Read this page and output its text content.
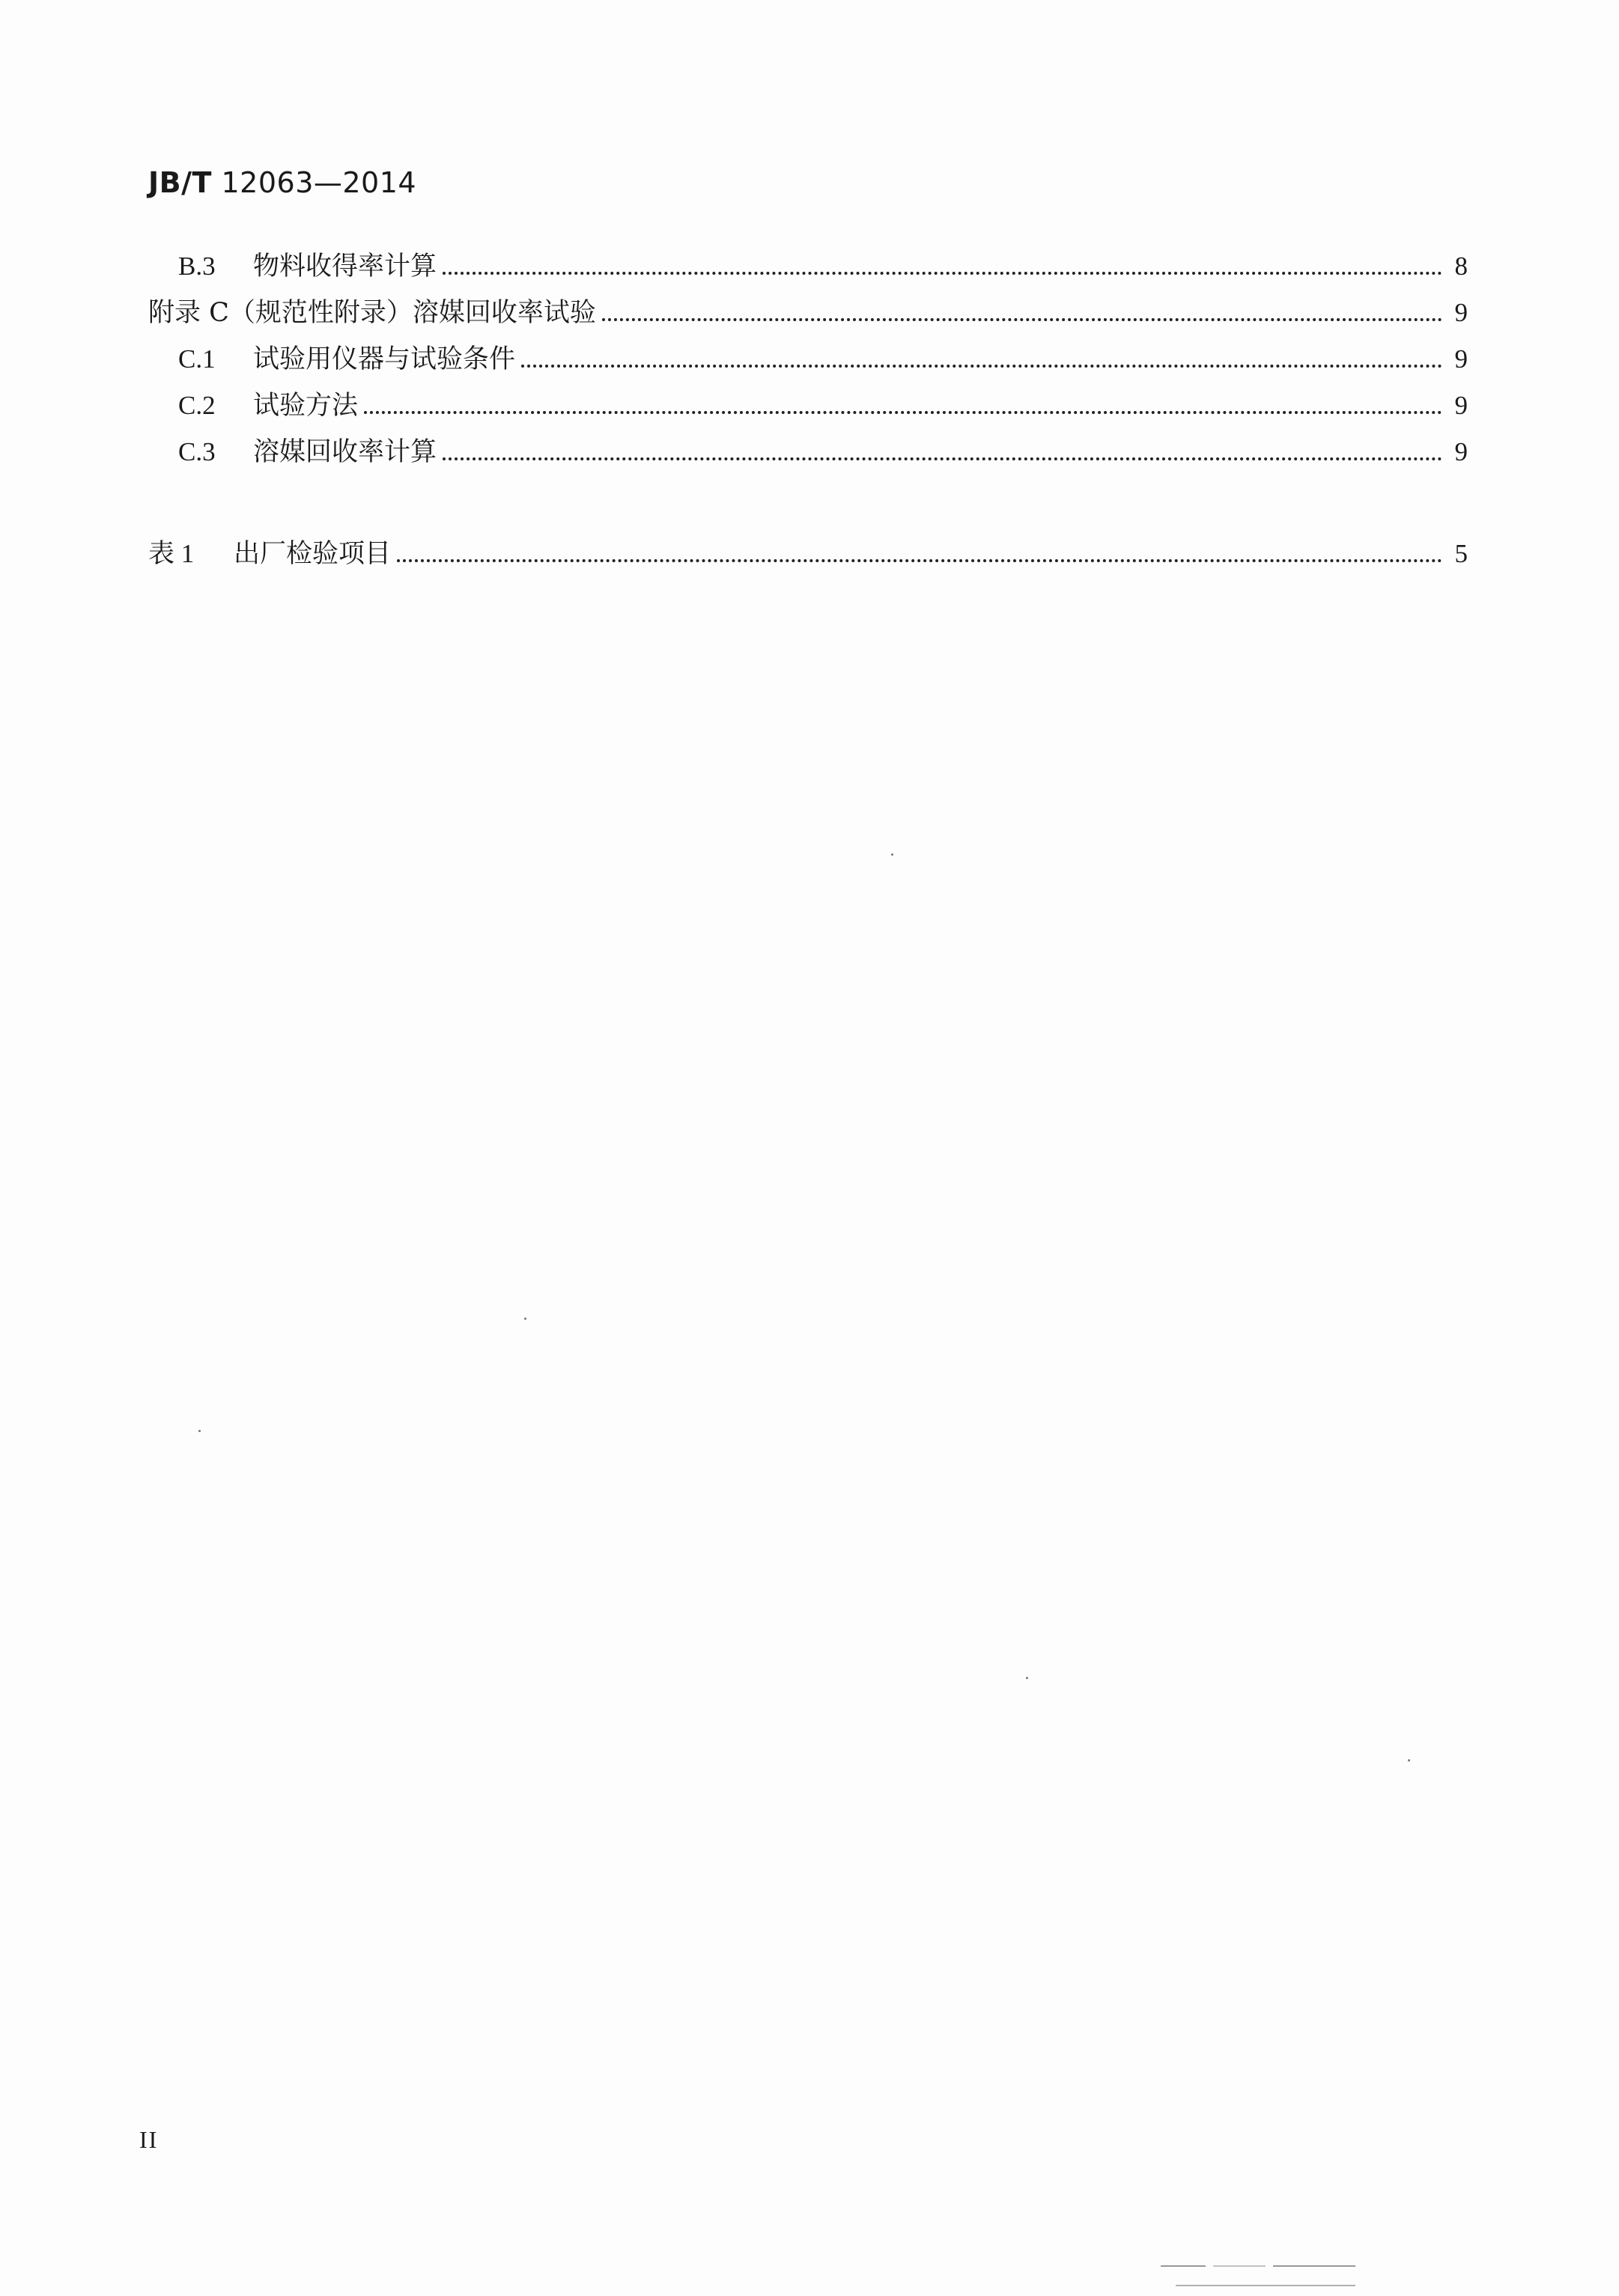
JB/T 12063—2014
B.3	物料收得率计算	8
附录 C（规范性附录）溶媒回收率试验	9
C.1	试验用仪器与试验条件	9
C.2	试验方法	9
C.3	溶媒回收率计算	9
表 1	出厂检验项目	5
II
